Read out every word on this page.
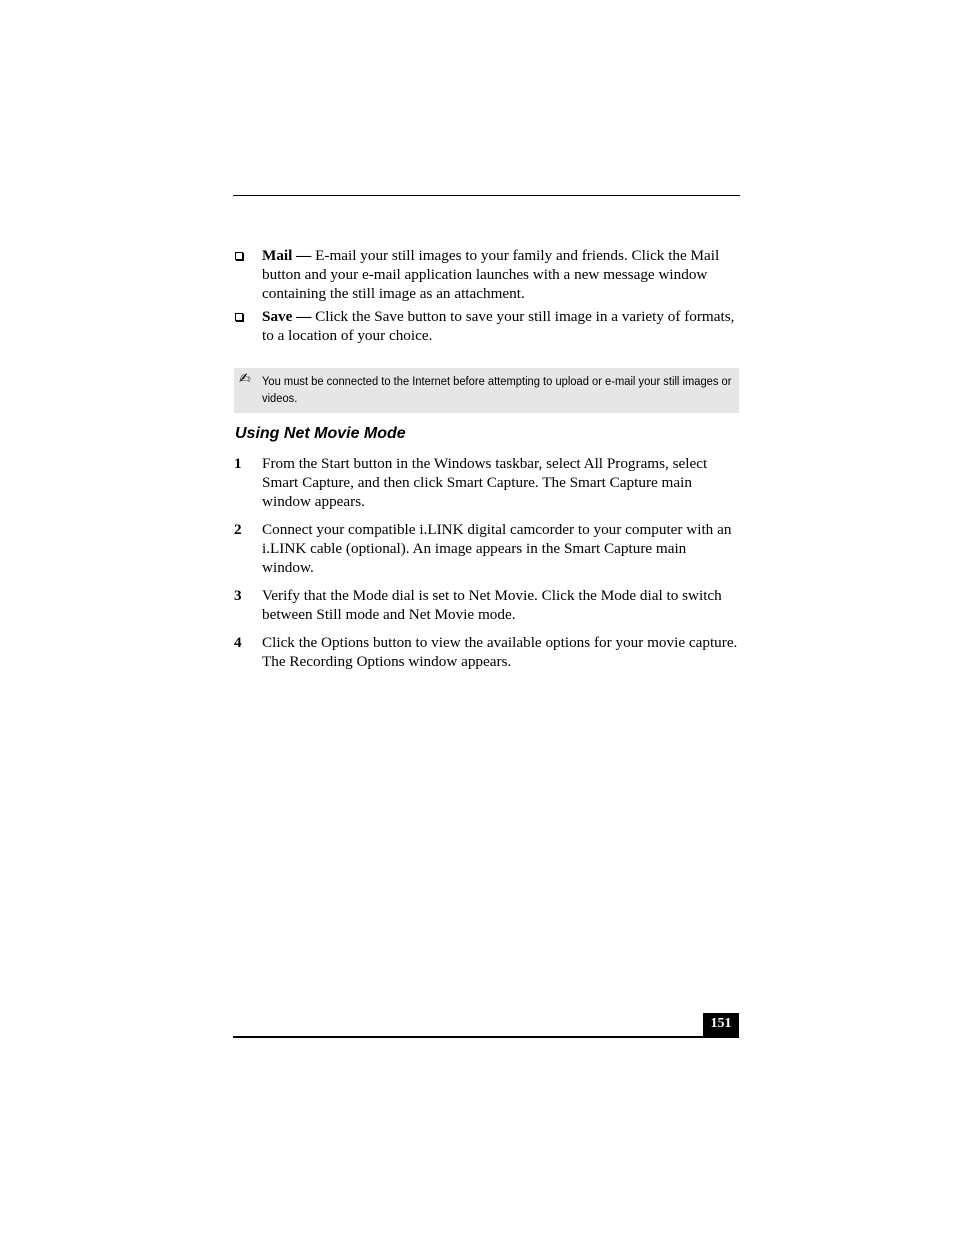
Mail — E-mail your still images to your family and friends. Click the Mail button and your e-mail application launches with a new message window containing the still image as an attachment.
Save — Click the Save button to save your still image in a variety of formats, to a location of your choice.
✍ You must be connected to the Internet before attempting to upload or e-mail your still images or videos.
Using Net Movie Mode
1 From the Start button in the Windows taskbar, select All Programs, select Smart Capture, and then click Smart Capture. The Smart Capture main window appears.
2 Connect your compatible i.LINK digital camcorder to your computer with an i.LINK cable (optional). An image appears in the Smart Capture main window.
3 Verify that the Mode dial is set to Net Movie. Click the Mode dial to switch between Still mode and Net Movie mode.
4 Click the Options button to view the available options for your movie capture. The Recording Options window appears.
151
